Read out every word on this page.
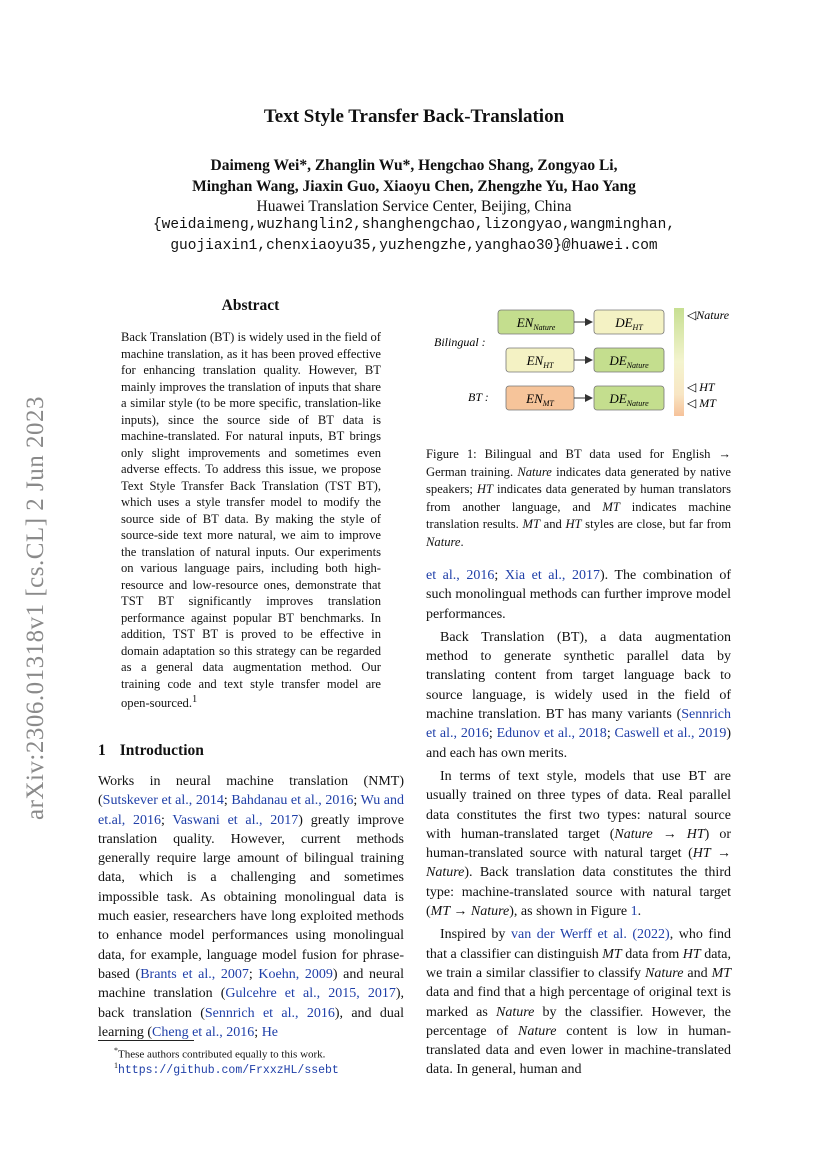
arXiv:2306.01318v1 [cs.CL] 2 Jun 2023
Text Style Transfer Back-Translation
Daimeng Wei*, Zhanglin Wu*, Hengchao Shang, Zongyao Li,
Minghan Wang, Jiaxin Guo, Xiaoyu Chen, Zhengzhe Yu, Hao Yang
Huawei Translation Service Center, Beijing, China
{weidaimeng,wuzhanglin2,shanghengchao,lizongyao,wangminghan,
guojiaxin1,chenxiaoyu35,yuzhengzhe,yanghao30}@huawei.com
Abstract
Back Translation (BT) is widely used in the field of machine translation, as it has been proved effective for enhancing translation quality. However, BT mainly improves the translation of inputs that share a similar style (to be more specific, translation-like inputs), since the source side of BT data is machine-translated. For natural inputs, BT brings only slight improvements and sometimes even adverse effects. To address this issue, we propose Text Style Transfer Back Translation (TST BT), which uses a style transfer model to modify the source side of BT data. By making the style of source-side text more natural, we aim to improve the translation of natural inputs. Our experiments on various language pairs, including both high-resource and low-resource ones, demonstrate that TST BT significantly improves translation performance against popular BT benchmarks. In addition, TST BT is proved to be effective in domain adaptation so this strategy can be regarded as a general data augmentation method. Our training code and text style transfer model are open-sourced.$^1$
1 Introduction
Works in neural machine translation (NMT) (Sutskever et al., 2014; Bahdanau et al., 2016; Wu and et.al, 2016; Vaswani et al., 2017) greatly improve translation quality. However, current methods generally require large amount of bilingual training data, which is a challenging and sometimes impossible task. As obtaining monolingual data is much easier, researchers have long exploited methods to enhance model performances using monolingual data, for example, language model fusion for phrase-based (Brants et al., 2007; Koehn, 2009) and neural machine translation (Gulcehre et al., 2015, 2017), back translation (Sennrich et al., 2016), and dual learning (Cheng et al., 2016; He
*These authors contributed equally to this work.
$^1$https://github.com/FrxxzHL/ssebt
Bilingual :
BT :
$EN_{Nature}$	$DE_{HT}$
$EN_{HT}$	$DE_{Nature}$
$EN_{MT}$	$DE_{Nature}$
◁Nature
◁ HT
◁ MT
Figure 1: Bilingual and BT data used for English → German training. Nature indicates data generated by native speakers; HT indicates data generated by human translators from another language, and MT indicates machine translation results. MT and HT styles are close, but far from Nature.

et al., 2016; Xia et al., 2017). The combination of such monolingual methods can further improve model performances.

Back Translation (BT), a data augmentation method to generate synthetic parallel data by translating content from target language back to source language, is widely used in the field of machine translation. BT has many variants (Sennrich et al., 2016; Edunov et al., 2018; Caswell et al., 2019) and each has own merits.

In terms of text style, models that use BT are usually trained on three types of data. Real parallel data constitutes the first two types: natural source with human-translated target (Nature → HT) or human-translated source with natural target (HT → Nature). Back translation data constitutes the third type: machine-translated source with natural target (MT → Nature), as shown in Figure 1.

Inspired by van der Werff et al. (2022), who find that a classifier can distinguish MT data from HT data, we train a similar classifier to classify Nature and MT data and find that a high percentage of original text is marked as Nature by the classifier. However, the percentage of Nature content is low in human-translated data and even lower in machine-translated data. In general, human and
